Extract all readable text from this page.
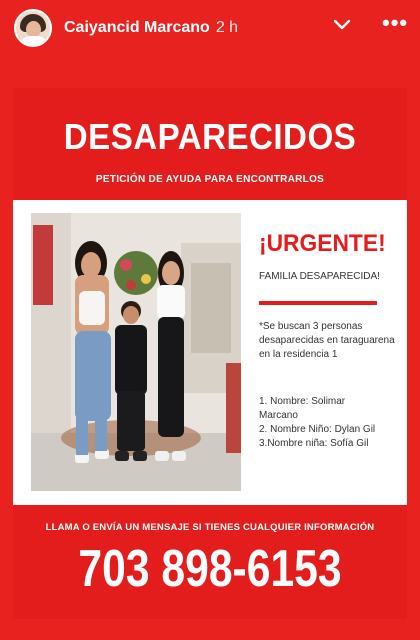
Caiyancid Marcano 2 h	•••
DESAPARECIDOS
PETICIÓN DE AYUDA PARA ENCONTRARLOS
¡URGENTE!
FAMILIA DESAPARECIDA!
*Se buscan 3 personas desaparecidas en taraguarena en la residencia 1
1. Nombre: Solimar
Marcano
2. Nombre Niño: Dylan Gil
3.Nombre niña: Sofía Gil
LLAMA O ENVÍA UN MENSAJE SI TIENES CUALQUIER INFORMACIÓN
703 898-6153
